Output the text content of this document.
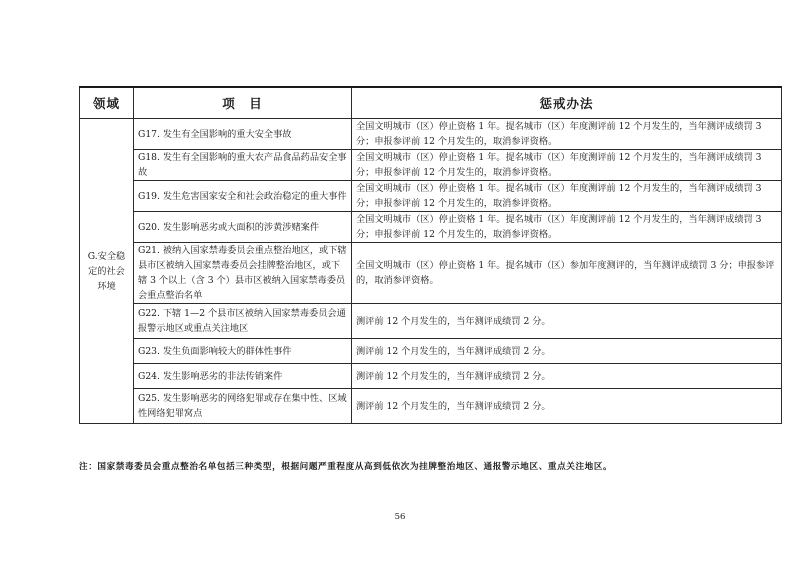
领域	项　目	惩戒办法
G.安全稳定的社会环境	G17. 发生有全国影响的重大安全事故	全国文明城市（区）停止资格 1 年。提名城市（区）年度测评前 12 个月发生的，当年测评成绩罚 3 分；申报参评前 12 个月发生的，取消参评资格。
	G18. 发生有全国影响的重大农产品食品药品安全事故	全国文明城市（区）停止资格 1 年。提名城市（区）年度测评前 12 个月发生的，当年测评成绩罚 3 分；申报参评前 12 个月发生的，取消参评资格。
	G19. 发生危害国家安全和社会政治稳定的重大事件	全国文明城市（区）停止资格 1 年。提名城市（区）年度测评前 12 个月发生的，当年测评成绩罚 3 分；申报参评前 12 个月发生的，取消参评资格。
	G20. 发生影响恶劣或大面积的涉黄涉赌案件	全国文明城市（区）停止资格 1 年。提名城市（区）年度测评前 12 个月发生的，当年测评成绩罚 3 分；申报参评前 12 个月发生的，取消参评资格。
	G21. 被纳入国家禁毒委员会重点整治地区，或下辖县市区被纳入国家禁毒委员会挂牌整治地区，或下辖 3 个以上（含 3 个）县市区被纳入国家禁毒委员会重点整治名单	全国文明城市（区）停止资格 1 年。提名城市（区）参加年度测评的，当年测评成绩罚 3 分；申报参评的，取消参评资格。
	G22. 下辖 1—2 个县市区被纳入国家禁毒委员会通报警示地区或重点关注地区	测评前 12 个月发生的，当年测评成绩罚 2 分。
	G23. 发生负面影响较大的群体性事件	测评前 12 个月发生的，当年测评成绩罚 2 分。
	G24. 发生影响恶劣的非法传销案件	测评前 12 个月发生的，当年测评成绩罚 2 分。
	G25. 发生影响恶劣的网络犯罪或存在集中性、区域性网络犯罪窝点	测评前 12 个月发生的，当年测评成绩罚 2 分。
注：国家禁毒委员会重点整治名单包括三种类型，根据问题严重程度从高到低依次为挂牌整治地区、通报警示地区、重点关注地区。
56
